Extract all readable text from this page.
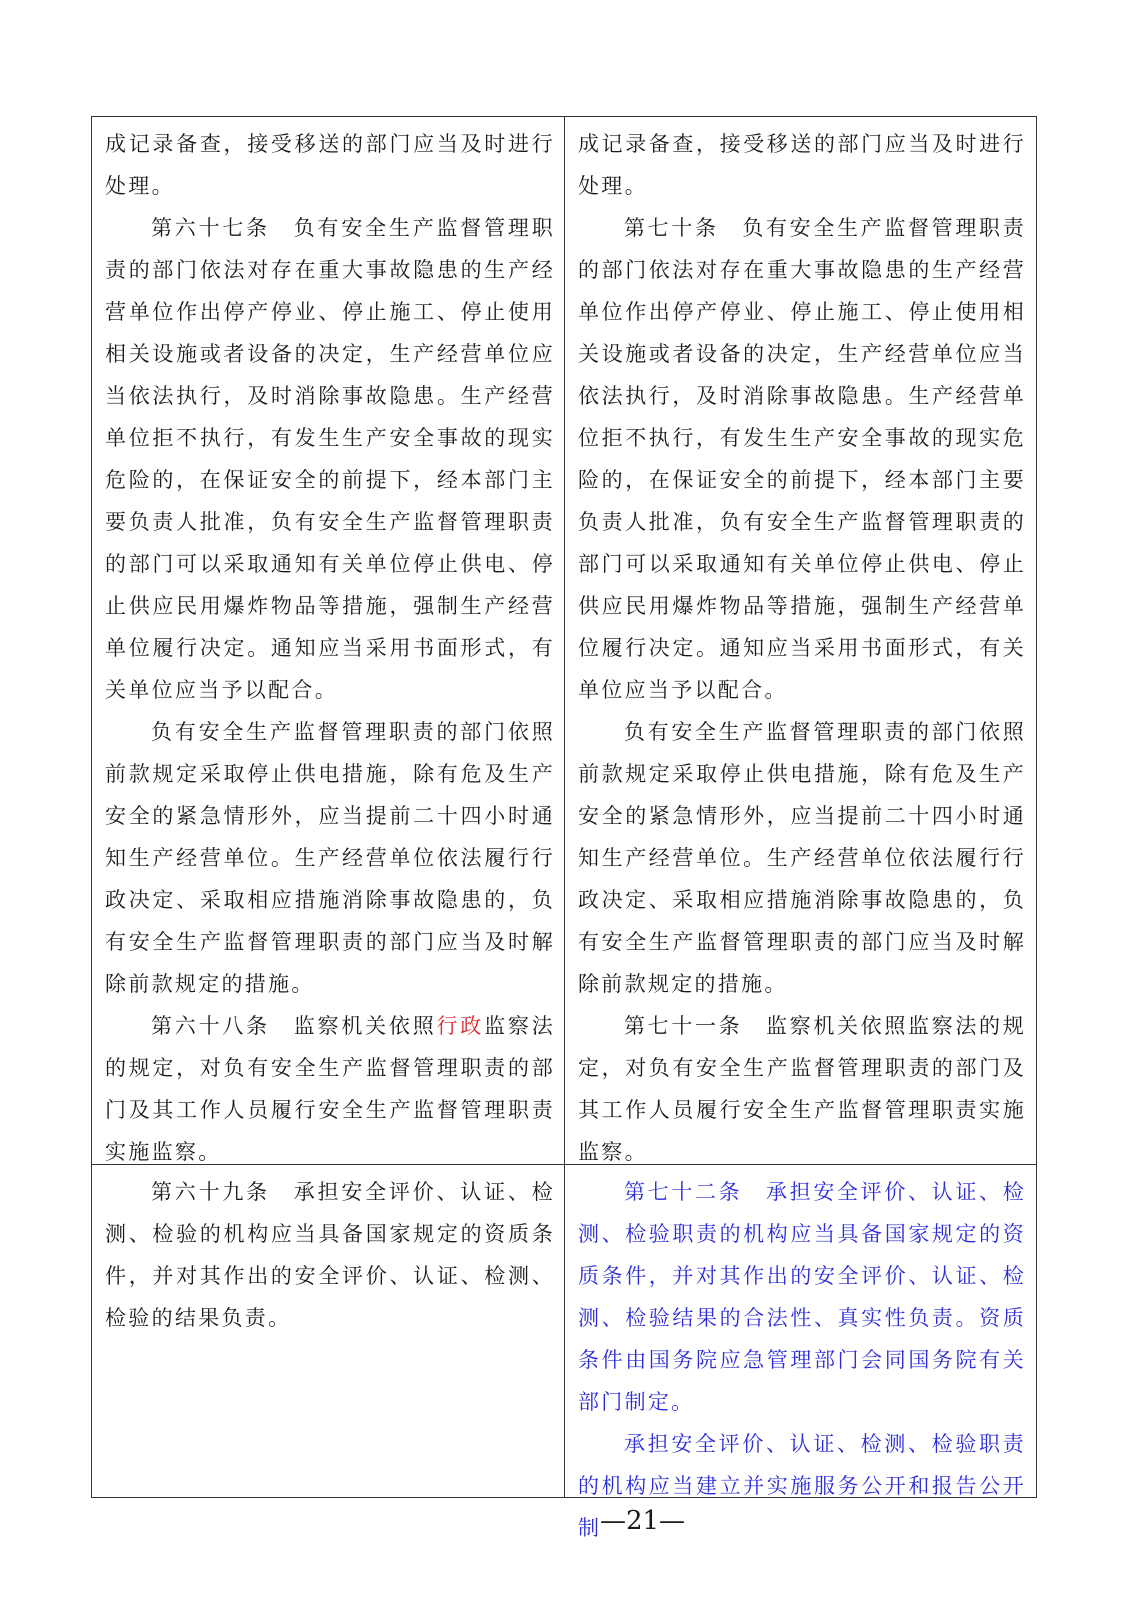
成记录备查，接受移送的部门应当及时进行处理。

第六十七条　负有安全生产监督管理职责的部门依法对存在重大事故隐患的生产经营单位作出停产停业、停止施工、停止使用相关设施或者设备的决定，生产经营单位应当依法执行，及时消除事故隐患。生产经营单位拒不执行，有发生生产安全事故的现实危险的，在保证安全的前提下，经本部门主要负责人批准，负有安全生产监督管理职责的部门可以采取通知有关单位停止供电、停止供应民用爆炸物品等措施，强制生产经营单位履行决定。通知应当采用书面形式，有关单位应当予以配合。

负有安全生产监督管理职责的部门依照前款规定采取停止供电措施，除有危及生产安全的紧急情形外，应当提前二十四小时通知生产经营单位。生产经营单位依法履行行政决定、采取相应措施消除事故隐患的，负有安全生产监督管理职责的部门应当及时解除前款规定的措施。

第六十八条　监察机关依照行政监察法的规定，对负有安全生产监督管理职责的部门及其工作人员履行安全生产监督管理职责实施监察。

成记录备查，接受移送的部门应当及时进行处理。

第七十条　负有安全生产监督管理职责的部门依法对存在重大事故隐患的生产经营单位作出停产停业、停止施工、停止使用相关设施或者设备的决定，生产经营单位应当依法执行，及时消除事故隐患。生产经营单位拒不执行，有发生生产安全事故的现实危险的，在保证安全的前提下，经本部门主要负责人批准，负有安全生产监督管理职责的部门可以采取通知有关单位停止供电、停止供应民用爆炸物品等措施，强制生产经营单位履行决定。通知应当采用书面形式，有关单位应当予以配合。

负有安全生产监督管理职责的部门依照前款规定采取停止供电措施，除有危及生产安全的紧急情形外，应当提前二十四小时通知生产经营单位。生产经营单位依法履行行政决定、采取相应措施消除事故隐患的，负有安全生产监督管理职责的部门应当及时解除前款规定的措施。

第七十一条　监察机关依照监察法的规定，对负有安全生产监督管理职责的部门及其工作人员履行安全生产监督管理职责实施监察。

第六十九条　承担安全评价、认证、检测、检验的机构应当具备国家规定的资质条件，并对其作出的安全评价、认证、检测、检验的结果负责。

第七十二条　承担安全评价、认证、检测、检验职责的机构应当具备国家规定的资质条件，并对其作出的安全评价、认证、检测、检验结果的合法性、真实性负责。资质条件由国务院应急管理部门会同国务院有关部门制定。

承担安全评价、认证、检测、检验职责的机构应当建立并实施服务公开和报告公开制

—21—
